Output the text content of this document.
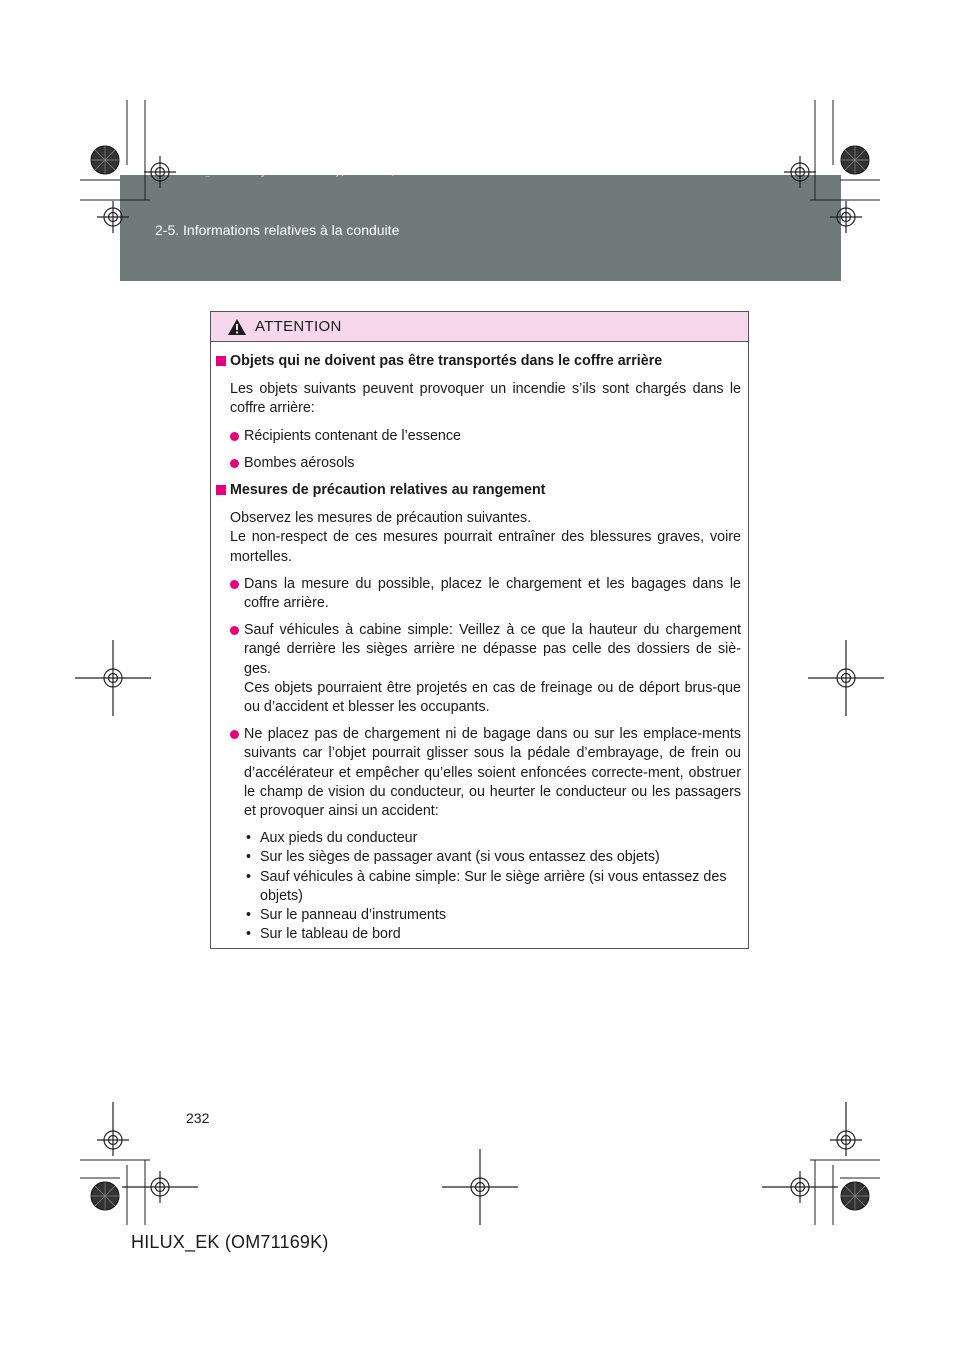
HILUX_EK.book Page 232 Wednesday, March 23, 2011 3:03 PM
2-5. Informations relatives à la conduite
ATTENTION
Objets qui ne doivent pas être transportés dans le coffre arrière
Les objets suivants peuvent provoquer un incendie s’ils sont chargés dans le coffre arrière:
Récipients contenant de l’essence
Bombes aérosols
Mesures de précaution relatives au rangement
Observez les mesures de précaution suivantes.
Le non-respect de ces mesures pourrait entraîner des blessures graves, voire mortelles.
Dans la mesure du possible, placez le chargement et les bagages dans le coffre arrière.
Sauf véhicules à cabine simple: Veillez à ce que la hauteur du chargement rangé derrière les sièges arrière ne dépasse pas celle des dossiers de siè-ges.
Ces objets pourraient être projetés en cas de freinage ou de déport brus-que ou d’accident et blesser les occupants.
Ne placez pas de chargement ni de bagage dans ou sur les emplace-ments suivants car l’objet pourrait glisser sous la pédale d’embrayage, de frein ou d’accélérateur et empêcher qu’elles soient enfoncées correcte-ment, obstruer le champ de vision du conducteur, ou heurter le conducteur ou les passagers et provoquer ainsi un accident:
• Aux pieds du conducteur
• Sur les sièges de passager avant (si vous entassez des objets)
• Sauf véhicules à cabine simple: Sur le siège arrière (si vous entassez des objets)
• Sur le panneau d’instruments
• Sur le tableau de bord
232
HILUX_EK (OM71169K)
